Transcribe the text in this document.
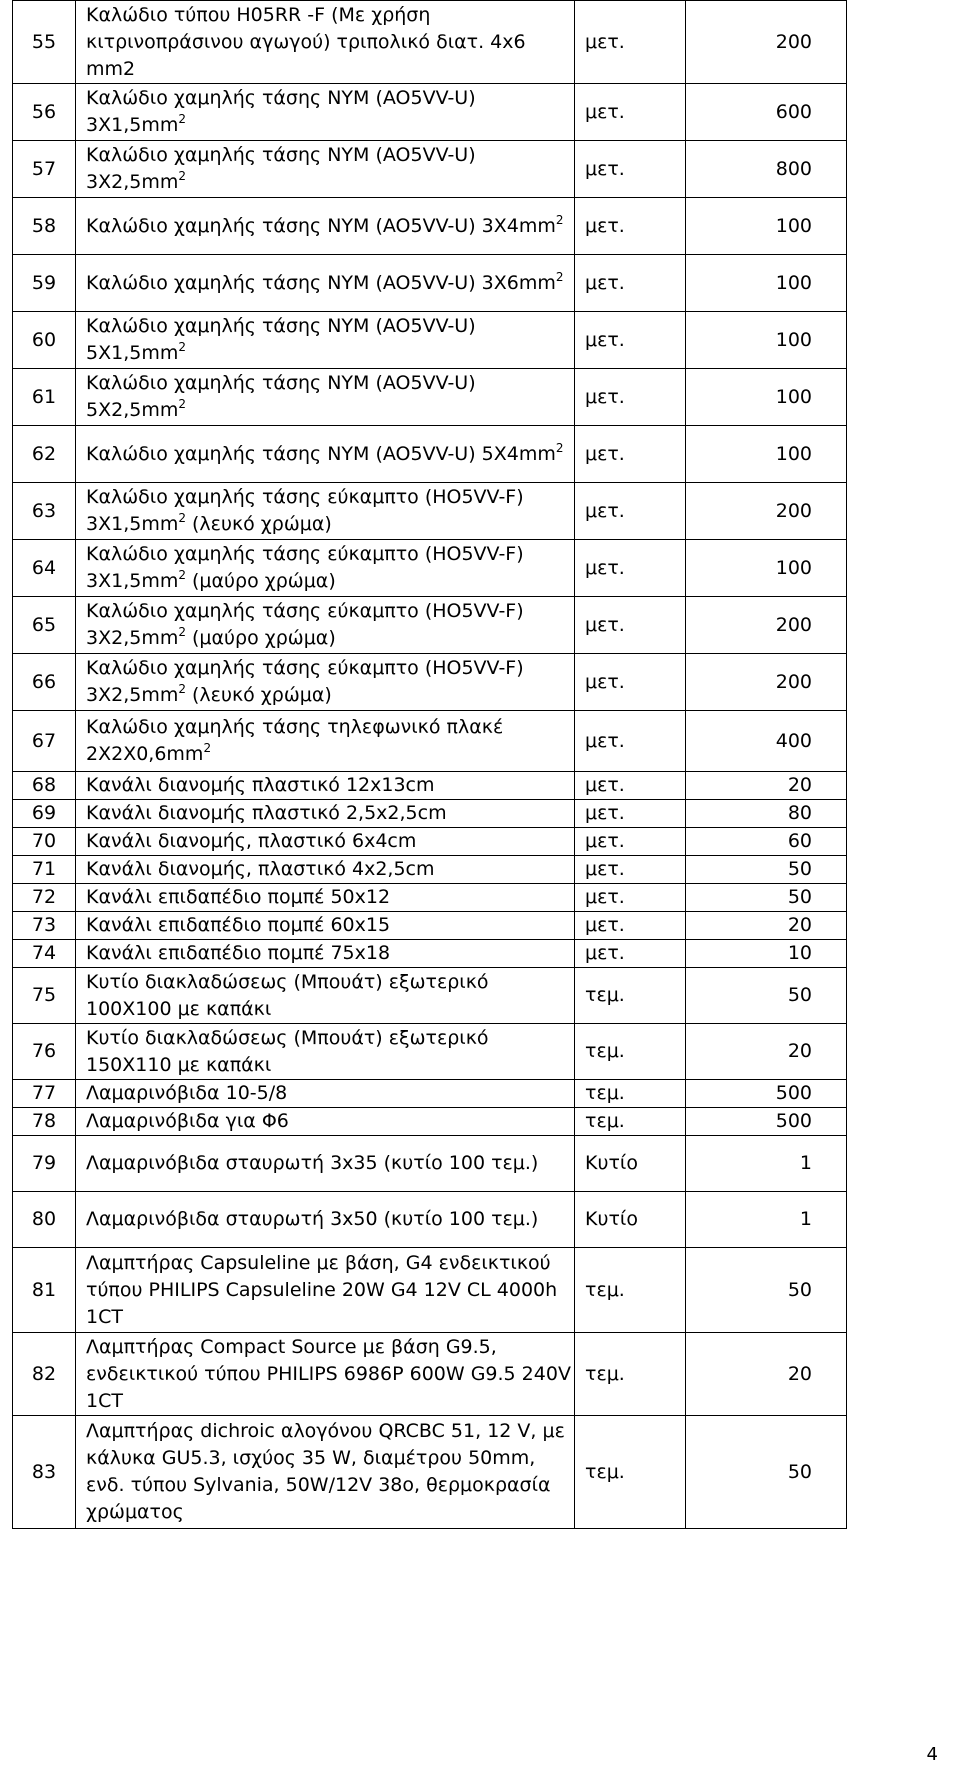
55	Καλώδιο τύπου H05RR -F (Με χρήση κιτρινοπράσινου αγωγού) τριπολικό διατ. 4x6 mm2	μετ.	200
56	Καλώδιο χαμηλής τάσης NYM (AO5VV-U) $3X1,5mm^2$	μετ.	600
57	Καλώδιο χαμηλής τάσης NYM (AO5VV-U) $3X2,5mm^2$	μετ.	800
58	Καλώδιο χαμηλής τάσης NYM (AO5VV-U) $3X4mm^2$	μετ.	100
59	Καλώδιο χαμηλής τάσης NYM (AO5VV-U) $3X6mm^2$	μετ.	100
60	Καλώδιο χαμηλής τάσης NYM (AO5VV-U) $5X1,5mm^2$	μετ.	100
61	Καλώδιο χαμηλής τάσης NYM (AO5VV-U) $5X2,5mm^2$	μετ.	100
62	Καλώδιο χαμηλής τάσης NYM (AO5VV-U) $5X4mm^2$	μετ.	100
63	Καλώδιο χαμηλής τάσης εύκαμπτο (HO5VV-F) $3X1,5mm^2$ (λευκό χρώμα)	μετ.	200
64	Καλώδιο χαμηλής τάσης εύκαμπτο (HO5VV-F) $3X1,5mm^2$ (μαύρο χρώμα)	μετ.	100
65	Καλώδιο χαμηλής τάσης εύκαμπτο (HO5VV-F) $3X2,5mm^2$ (μαύρο χρώμα)	μετ.	200
66	Καλώδιο χαμηλής τάσης εύκαμπτο (HO5VV-F) $3X2,5mm^2$ (λευκό χρώμα)	μετ.	200
67	Καλώδιο χαμηλής τάσης τηλεφωνικό πλακέ $2X2X0,6mm^2$	μετ.	400
68	Κανάλι διανομής πλαστικό 12x13cm	μετ.	20
69	Κανάλι διανομής πλαστικό 2,5x2,5cm	μετ.	80
70	Κανάλι διανομής, πλαστικό 6x4cm	μετ.	60
71	Κανάλι διανομής, πλαστικό 4x2,5cm	μετ.	50
72	Κανάλι επιδαπέδιο πομπέ 50x12	μετ.	50
73	Κανάλι επιδαπέδιο πομπέ 60x15	μετ.	20
74	Κανάλι επιδαπέδιο πομπέ 75x18	μετ.	10
75	Κυτίο διακλαδώσεως (Μπουάτ) εξωτερικό 100X100 με καπάκι	τεμ.	50
76	Κυτίο διακλαδώσεως (Μπουάτ) εξωτερικό 150X110 με καπάκι	τεμ.	20
77	Λαμαρινόβιδα 10-5/8	τεμ.	500
78	Λαμαρινόβιδα για Φ6	τεμ.	500
79	Λαμαρινόβιδα σταυρωτή 3x35 (κυτίο 100 τεμ.)	Κυτίο	1
80	Λαμαρινόβιδα σταυρωτή 3x50 (κυτίο 100 τεμ.)	Κυτίο	1
81	Λαμπτήρας Capsuleline με βάση, G4 ενδεικτικού τύπου PHILIPS Capsuleline 20W G4 12V CL 4000h 1CT	τεμ.	50
82	Λαμπτήρας Compact Source με βάση G9.5, ενδεικτικού τύπου PHILIPS 6986P 600W G9.5 240V 1CT	τεμ.	20
83	Λαμπτήρας dichroic αλογόνου QRCBC 51, 12 V, με κάλυκα GU5.3, ισχύος 35 W, διαμέτρου 50mm, ενδ. τύπου Sylvania, 50W/12V 38o, θερμοκρασία χρώματος	τεμ.	50
4
